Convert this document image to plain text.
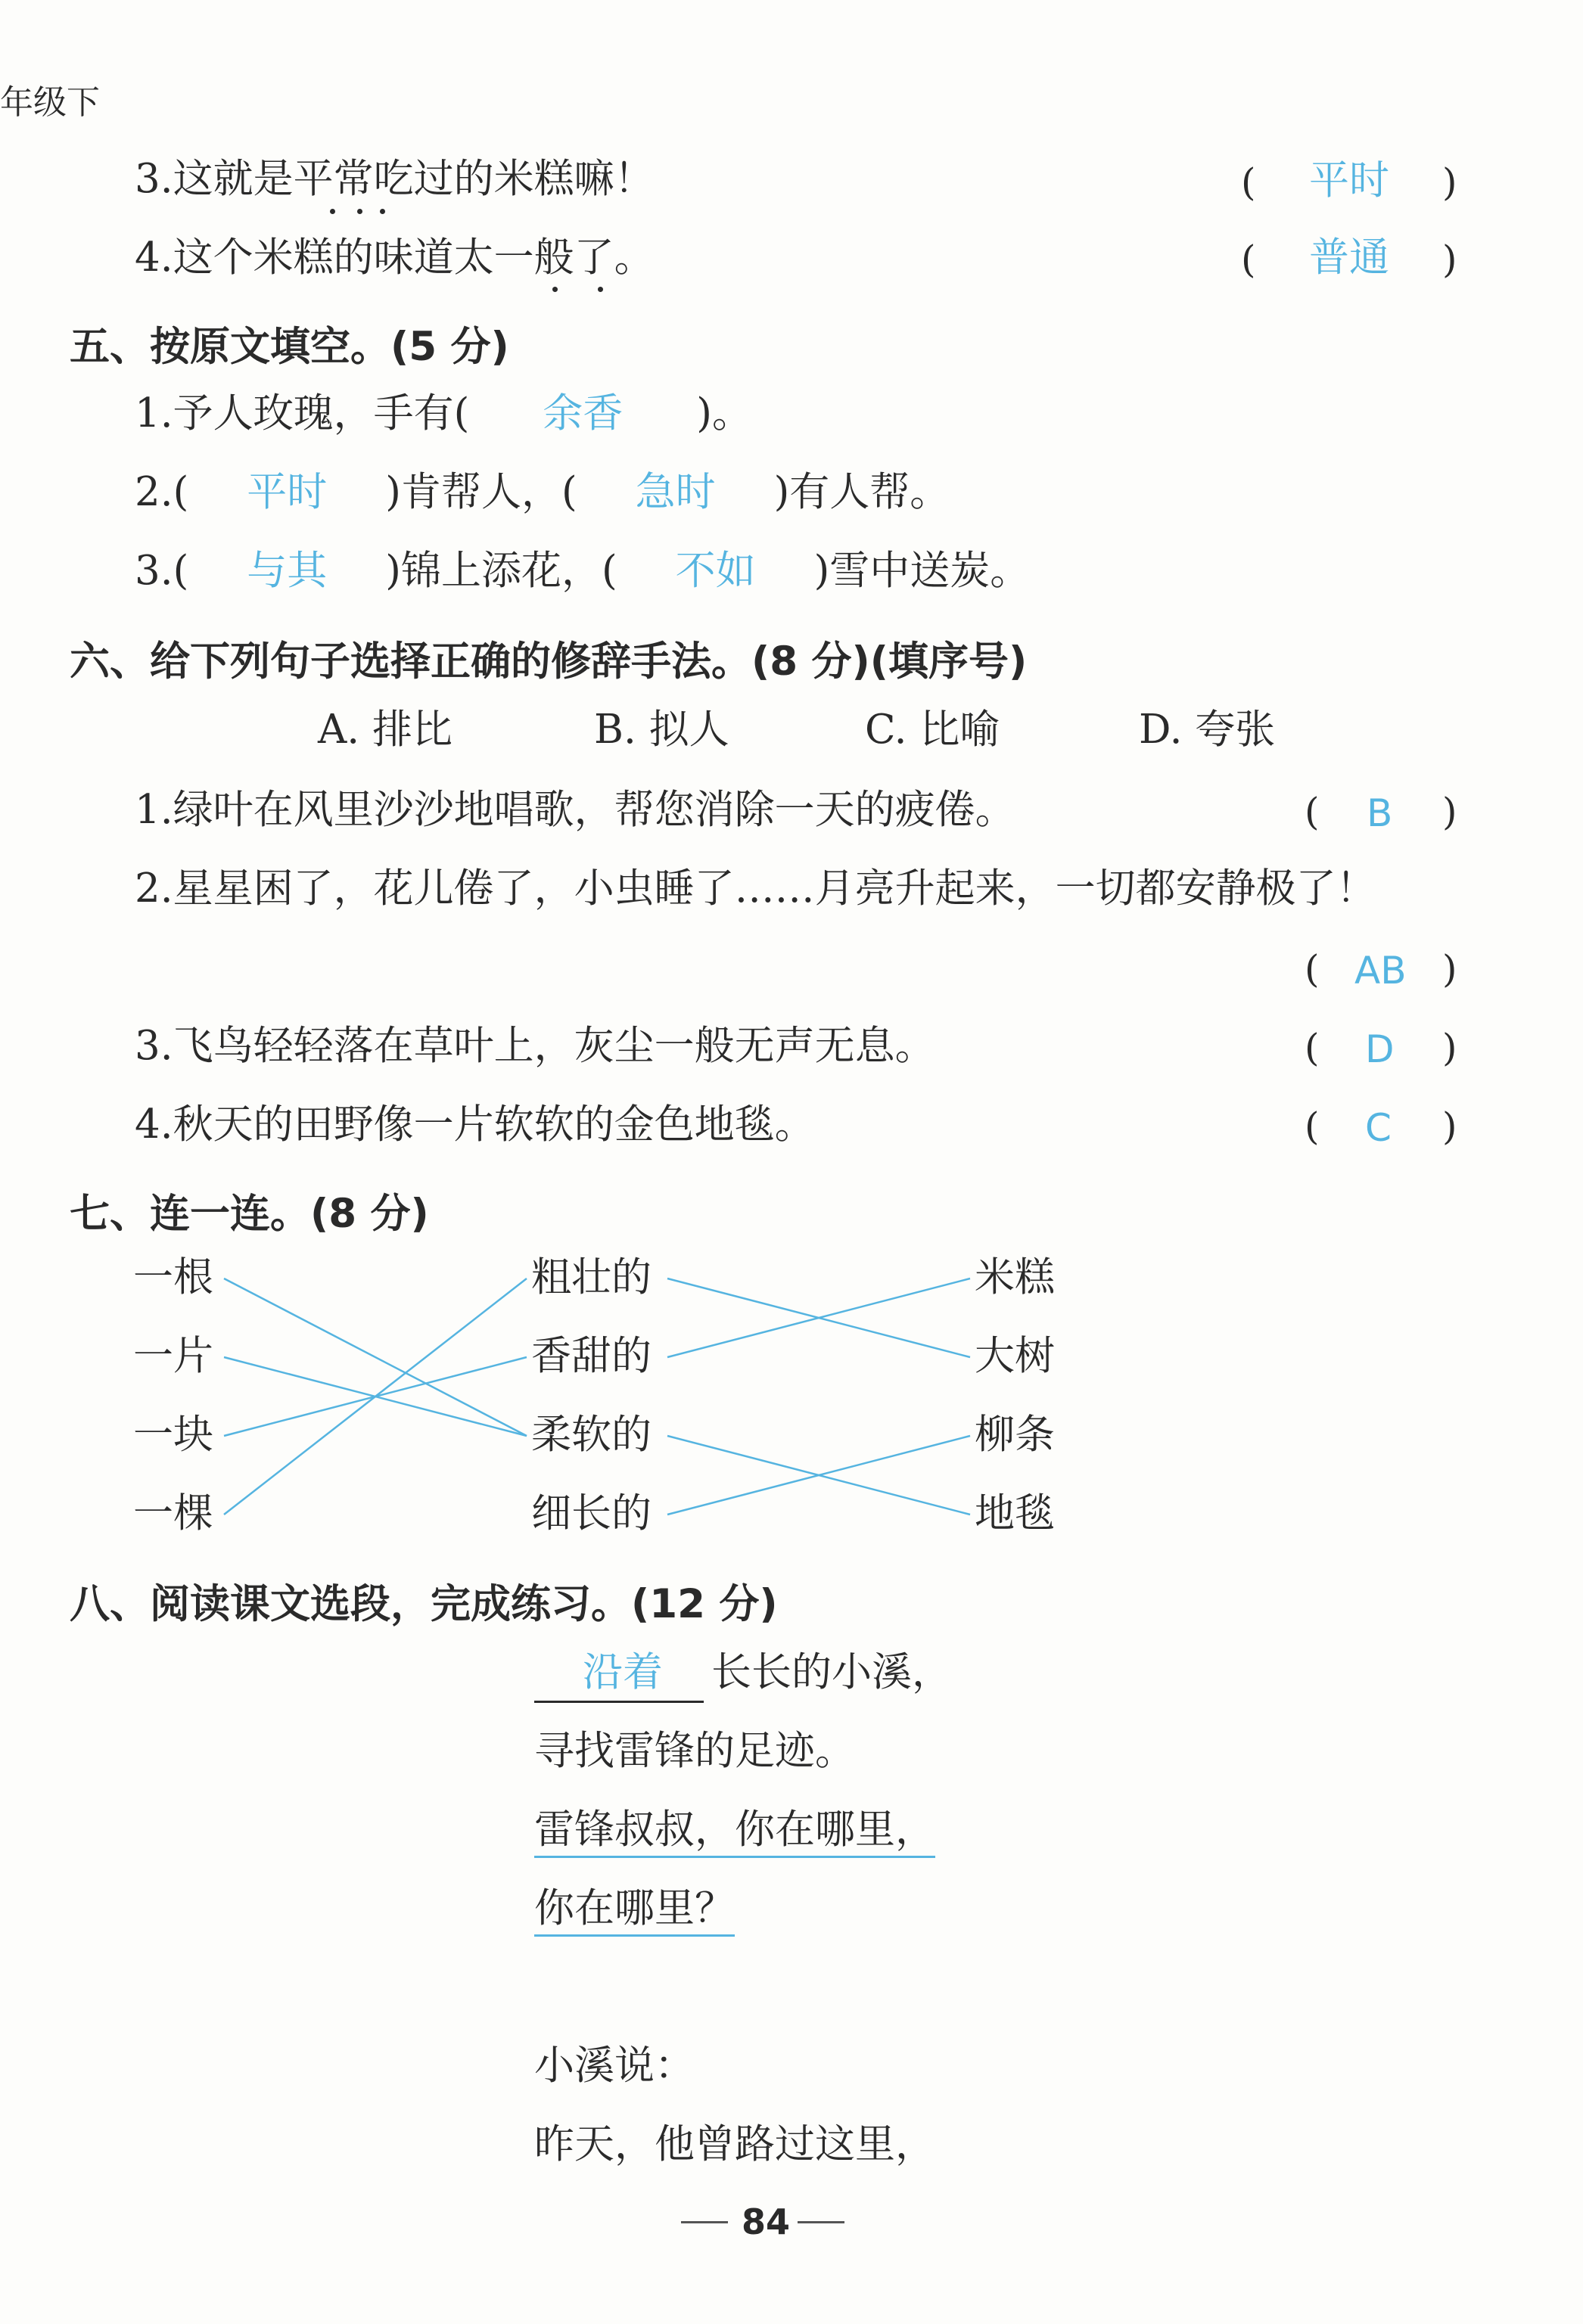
年级下
3.这就是平常吃过的米糕嘛！	( 平时 )
4.这个米糕的味道太一般了。	( 普通 )
五、按原文填空。(5 分)
1.予人玫瑰，手有( 余香 )。
2.( 平时 )肯帮人，( 急时 )有人帮。
3.( 与其 )锦上添花，( 不如 )雪中送炭。
六、给下列句子选择正确的修辞手法。(8 分)(填序号)
A. 排比	B. 拟人	C. 比喻	D. 夸张
1.绿叶在风里沙沙地唱歌，帮您消除一天的疲倦。	( B )
2.星星困了，花儿倦了，小虫睡了……月亮升起来，一切都安静极了！
( AB )
3.飞鸟轻轻落在草叶上，灰尘一般无声无息。	( D )
4.秋天的田野像一片软软的金色地毯。	( C )
七、连一连。(8 分)
一根
一片
一块
一棵
粗壮的
香甜的
柔软的
细长的
米糕
大树
柳条
地毯
八、阅读课文选段，完成练习。(12 分)
沿着 长长的小溪，
寻找雷锋的足迹。
雷锋叔叔，你在哪里，
你在哪里？
小溪说：
昨天，他曾路过这里，
84
